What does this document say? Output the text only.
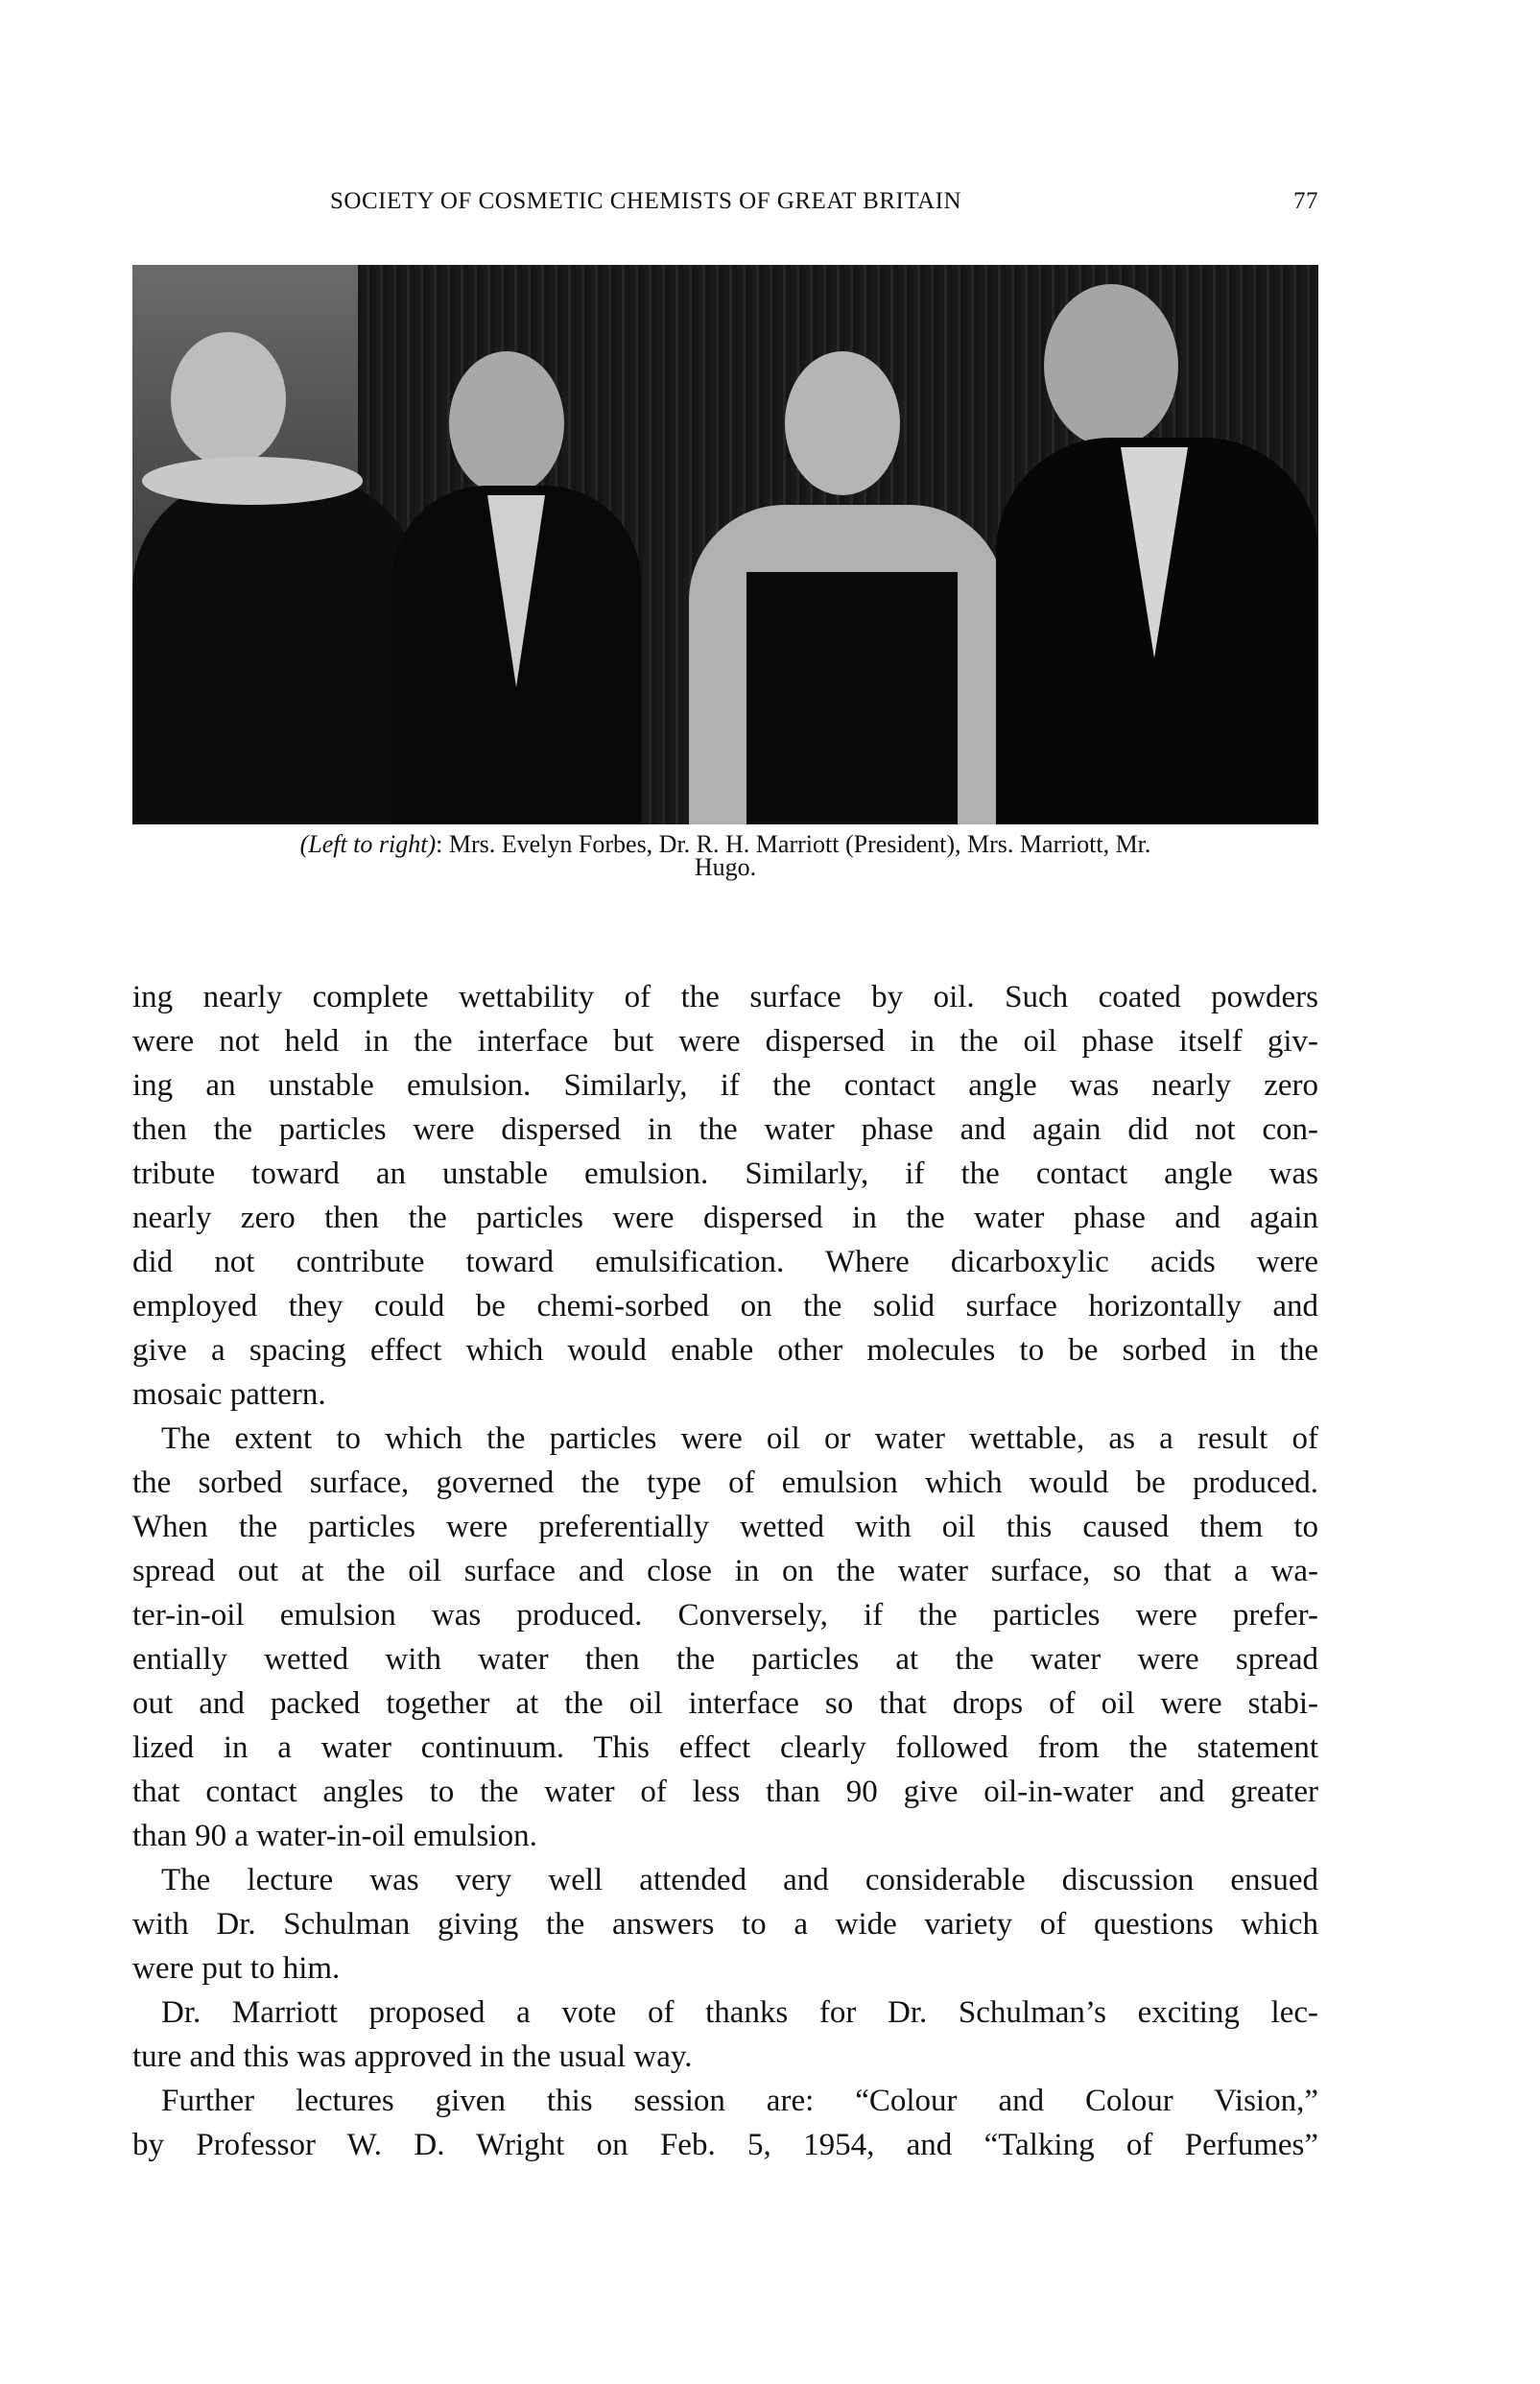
SOCIETY OF COSMETIC CHEMISTS OF GREAT BRITAIN	77
(Left to right): Mrs. Evelyn Forbes, Dr. R. H. Marriott (President), Mrs. Marriott, Mr.
Hugo.
ing nearly complete wettability of the surface by oil. Such coated powders
were not held in the interface but were dispersed in the oil phase itself giv-
ing an unstable emulsion. Similarly, if the contact angle was nearly zero
then the particles were dispersed in the water phase and again did not con-
tribute toward an unstable emulsion. Similarly, if the contact angle was
nearly zero then the particles were dispersed in the water phase and again
did not contribute toward emulsification. Where dicarboxylic acids were
employed they could be chemi-sorbed on the solid surface horizontally and
give a spacing effect which would enable other molecules to be sorbed in the
mosaic pattern.
The extent to which the particles were oil or water wettable, as a result of
the sorbed surface, governed the type of emulsion which would be produced.
When the particles were preferentially wetted with oil this caused them to
spread out at the oil surface and close in on the water surface, so that a wa-
ter-in-oil emulsion was produced. Conversely, if the particles were prefer-
entially wetted with water then the particles at the water were spread
out and packed together at the oil interface so that drops of oil were stabi-
lized in a water continuum. This effect clearly followed from the statement
that contact angles to the water of less than 90 give oil-in-water and greater
than 90 a water-in-oil emulsion.
The lecture was very well attended and considerable discussion ensued
with Dr. Schulman giving the answers to a wide variety of questions which
were put to him.
Dr. Marriott proposed a vote of thanks for Dr. Schulman’s exciting lec-
ture and this was approved in the usual way.
Further lectures given this session are: “Colour and Colour Vision,”
by Professor W. D. Wright on Feb. 5, 1954, and “Talking of Perfumes”
